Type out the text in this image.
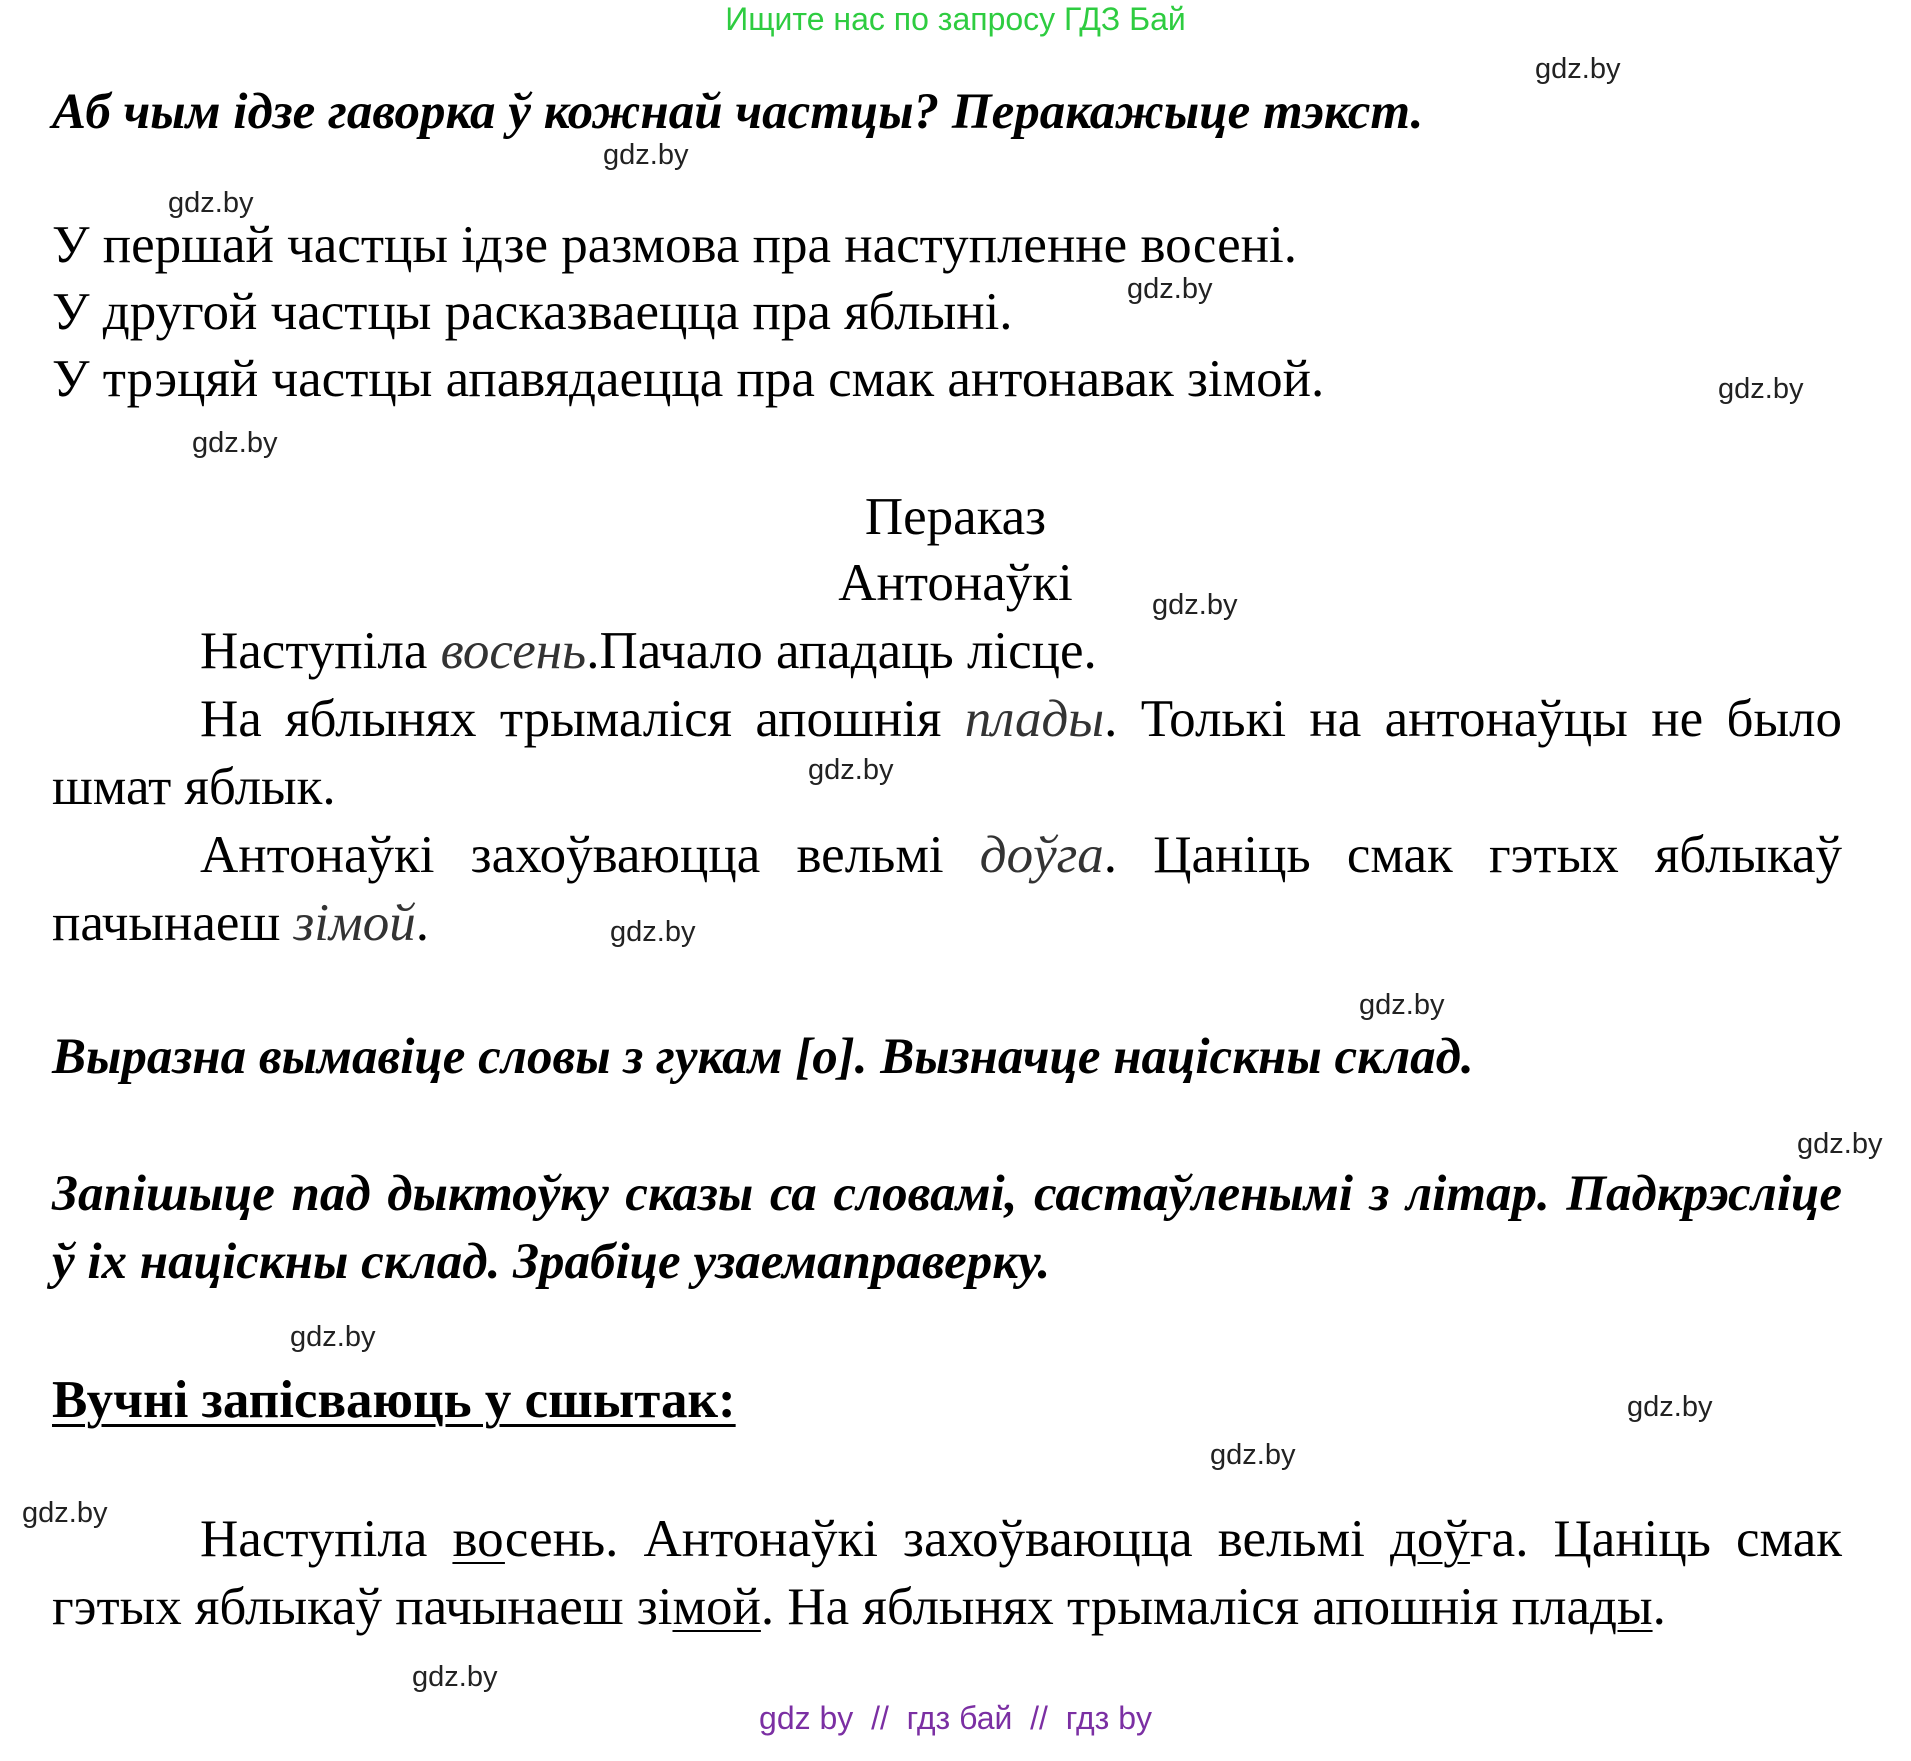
Ищите нас по запросу ГДЗ Бай
gdz.by
gdz.by
gdz.by
gdz.by
gdz.by
gdz.by
gdz.by
gdz.by
gdz.by
gdz.by
gdz.by
gdz.by
gdz.by
gdz.by
gdz.by
gdz.by
Аб чым ідзе гаворка ў кожнай частцы? Перакажыце тэкст.
У першай частцы ідзе размова пра наступленне восені.
У другой частцы расказваецца пра яблыні.
У трэцяй частцы апавядаецца пра смак антонавак зімой.
Пераказ
Антонаўкі
Наступіла восень.Пачало ападаць лісце.
На яблынях трымаліся апошнія плады. Толькі на антонаўцы не было шмат яблык.
Антонаўкі захоўваюцца вельмі доўга. Цаніць смак гэтых яблыкаў пачынаеш зімой.
Выразна вымавіце словы з гукам [о]. Вызначце націскны склад.
Запішыце пад дыктоўку сказы са словамі, састаўленымі з літар. Падкрэсліце ў іх націскны склад. Зрабіце узаемаправерку.
Вучні запісваюць у сшытак:
Наступіла восень. Антонаўкі захоўваюцца вельмі доўга. Цаніць смак гэтых яблыкаў пачынаеш зімой. На яблынях трымаліся апошнія плады.
gdz by  //  гдз бай  //  гдз by
